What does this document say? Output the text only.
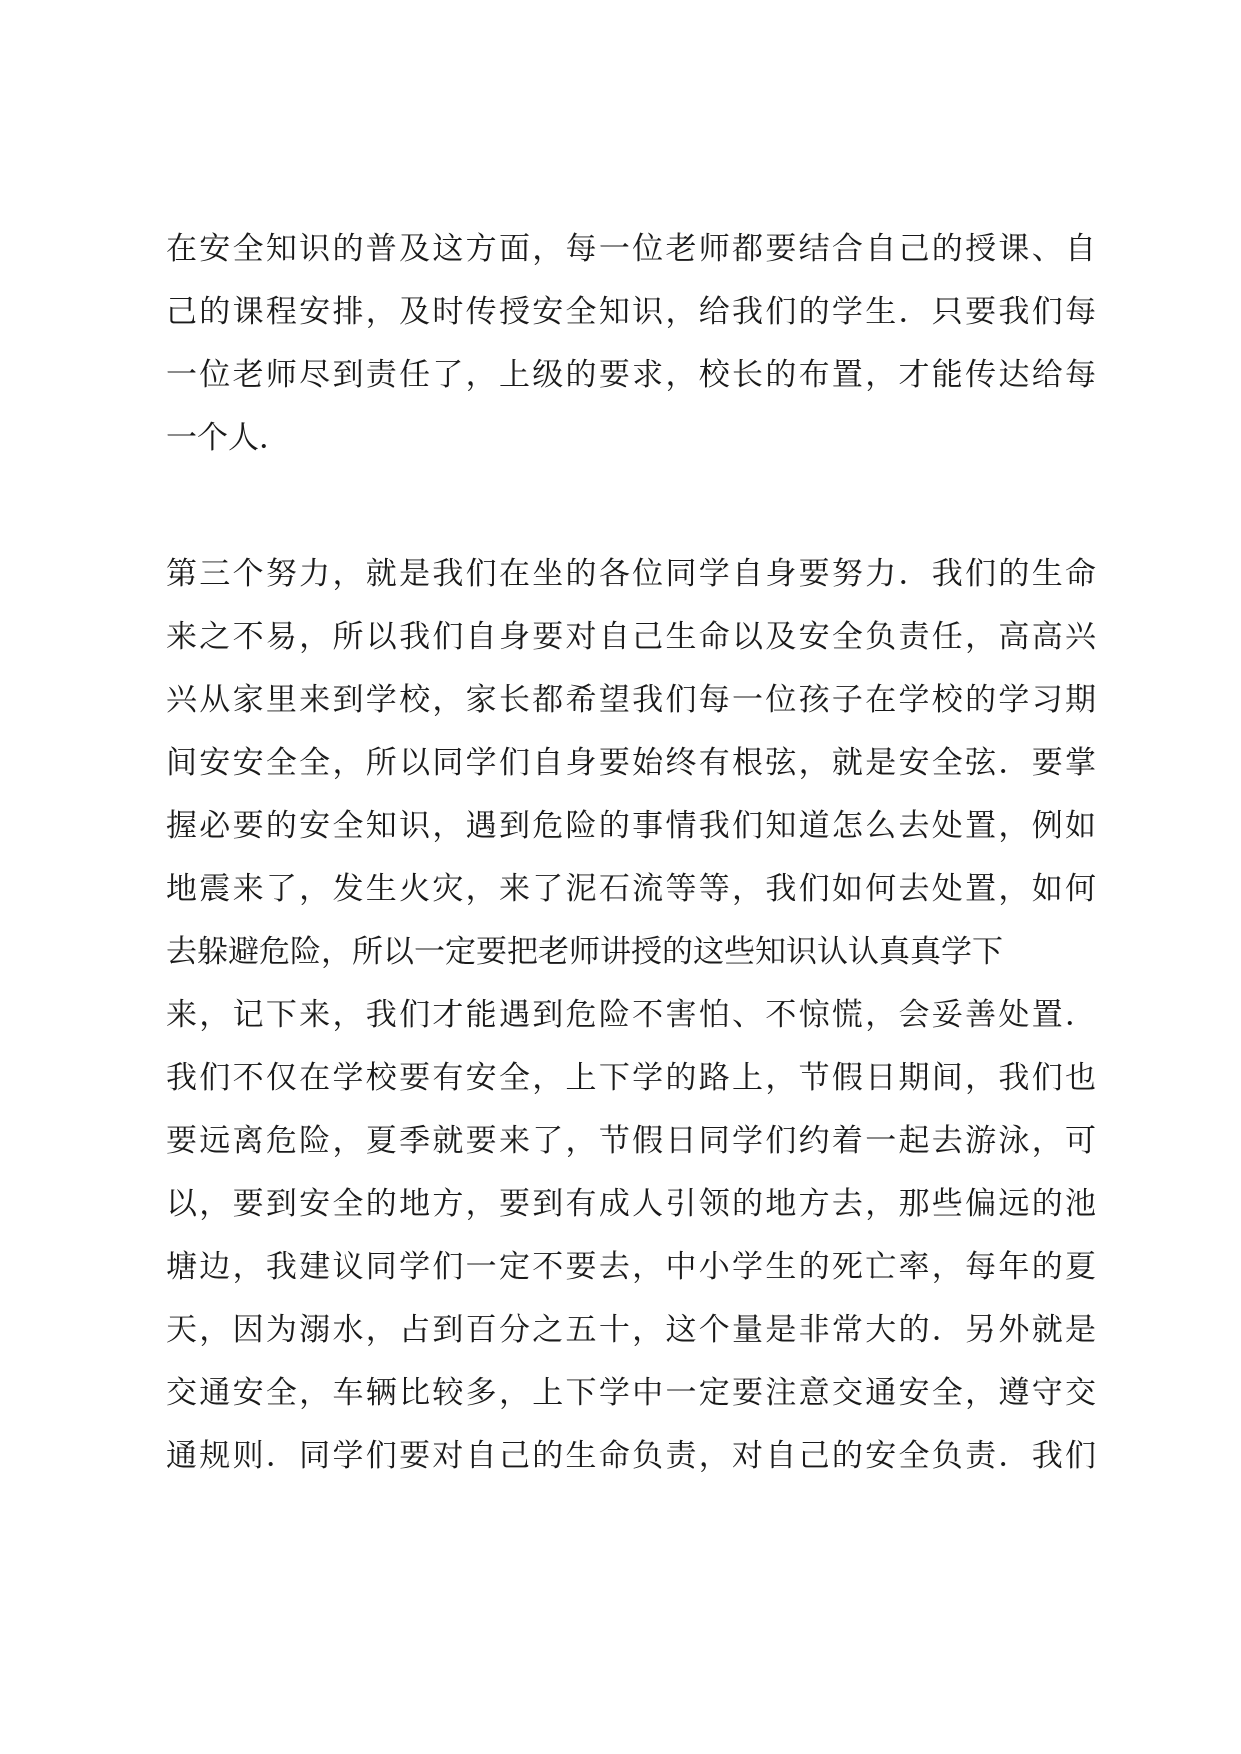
在安全知识的普及这方面，每一位老师都要结合自己的授课、自
己的课程安排，及时传授安全知识，给我们的学生．只要我们每
一位老师尽到责任了，上级的要求，校长的布置，才能传达给每
一个人．
第三个努力，就是我们在坐的各位同学自身要努力．我们的生命
来之不易，所以我们自身要对自己生命以及安全负责任，高高兴
兴从家里来到学校，家长都希望我们每一位孩子在学校的学习期
间安安全全，所以同学们自身要始终有根弦，就是安全弦．要掌
握必要的安全知识，遇到危险的事情我们知道怎么去处置，例如
地震来了，发生火灾，来了泥石流等等，我们如何去处置，如何
去躲避危险，所以一定要把老师讲授的这些知识认认真真学下
来，记下来，我们才能遇到危险不害怕、不惊慌，会妥善处置．
我们不仅在学校要有安全，上下学的路上，节假日期间，我们也
要远离危险，夏季就要来了，节假日同学们约着一起去游泳，可
以，要到安全的地方，要到有成人引领的地方去，那些偏远的池
塘边，我建议同学们一定不要去，中小学生的死亡率，每年的夏
天，因为溺水，占到百分之五十，这个量是非常大的．另外就是
交通安全，车辆比较多，上下学中一定要注意交通安全，遵守交
通规则．同学们要对自己的生命负责，对自己的安全负责．我们
